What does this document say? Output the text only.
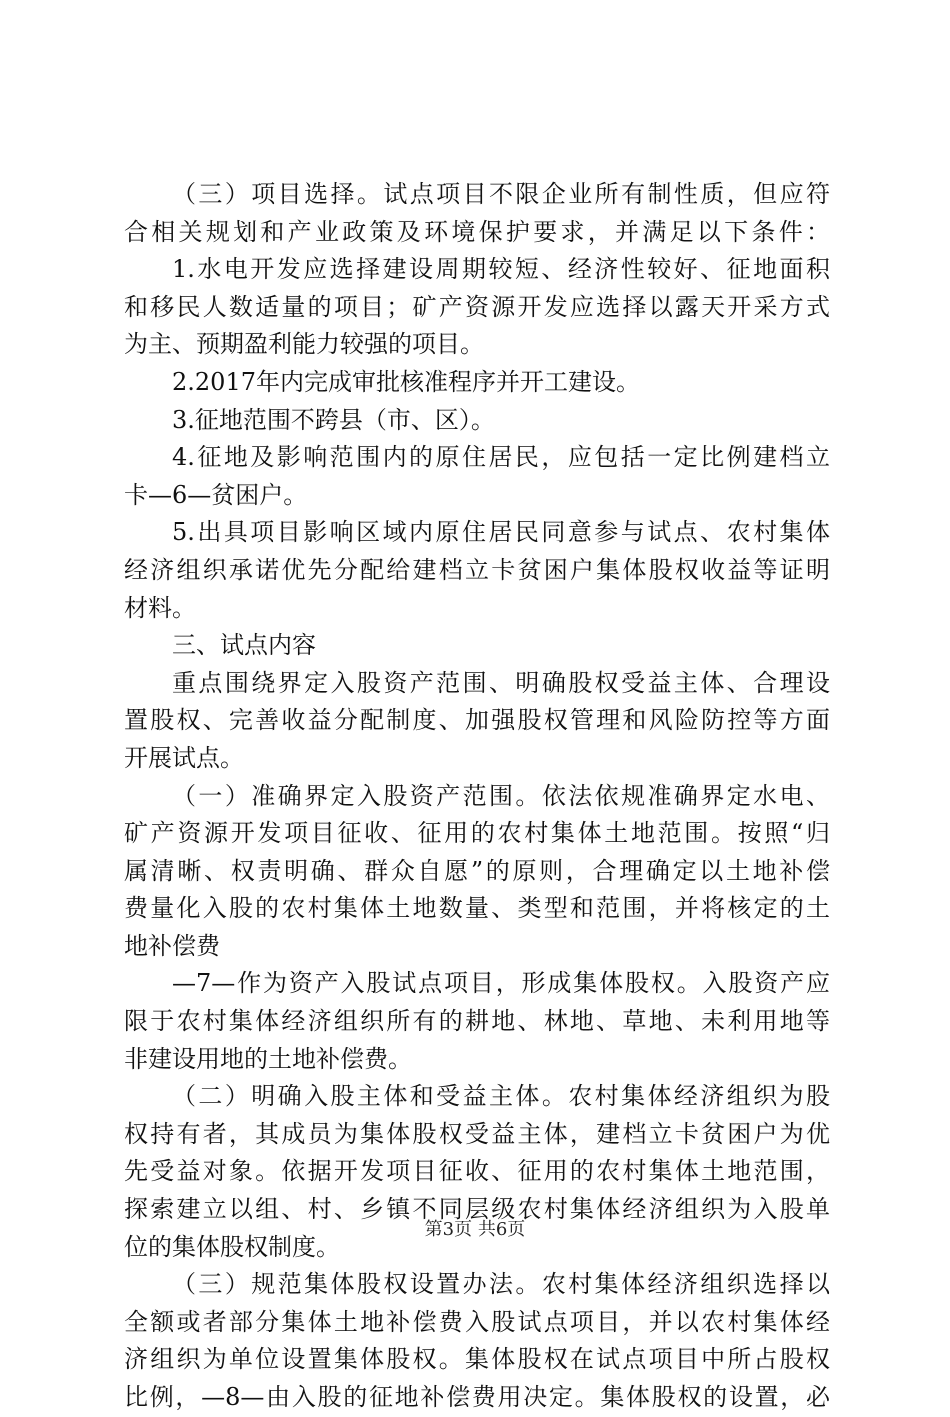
（三）项目选择。试点项目不限企业所有制性质，但应符
合相关规划和产业政策及环境保护要求，并满足以下条件：
1.水电开发应选择建设周期较短、经济性较好、征地面积
和移民人数适量的项目；矿产资源开发应选择以露天开采方式
为主、预期盈利能力较强的项目。
2.2017年内完成审批核准程序并开工建设。
3.征地范围不跨县（市、区）。
4.征地及影响范围内的原住居民，应包括一定比例建档立
卡—6—贫困户。
5.出具项目影响区域内原住居民同意参与试点、农村集体
经济组织承诺优先分配给建档立卡贫困户集体股权收益等证明
材料。
三、试点内容
重点围绕界定入股资产范围、明确股权受益主体、合理设
置股权、完善收益分配制度、加强股权管理和风险防控等方面
开展试点。
（一）准确界定入股资产范围。依法依规准确界定水电、
矿产资源开发项目征收、征用的农村集体土地范围。按照“归
属清晰、权责明确、群众自愿”的原则，合理确定以土地补偿
费量化入股的农村集体土地数量、类型和范围，并将核定的土
地补偿费
—7—作为资产入股试点项目，形成集体股权。入股资产应
限于农村集体经济组织所有的耕地、林地、草地、未利用地等
非建设用地的土地补偿费。
（二）明确入股主体和受益主体。农村集体经济组织为股
权持有者，其成员为集体股权受益主体，建档立卡贫困户为优
先受益对象。依据开发项目征收、征用的农村集体土地范围，
探索建立以组、村、乡镇不同层级农村集体经济组织为入股单
位的集体股权制度。
（三）规范集体股权设置办法。农村集体经济组织选择以
全额或者部分集体土地补偿费入股试点项目，并以农村集体经
济组织为单位设置集体股权。集体股权在试点项目中所占股权
比例，—8—由入股的征地补偿费用决定。集体股权的设置，必
第3页 共6页
